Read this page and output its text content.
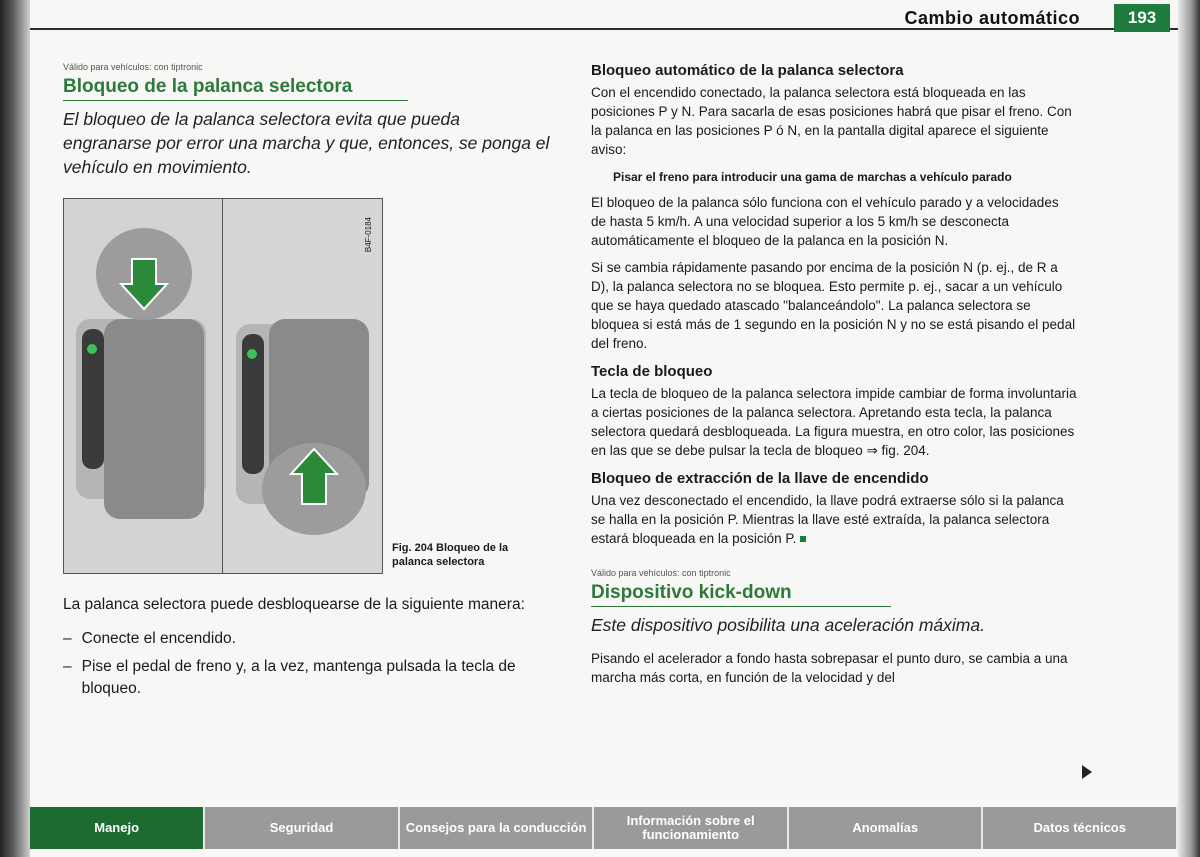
Cambio automático	193
Válido para vehículos: con tiptronic
Bloqueo de la palanca selectora
El bloqueo de la palanca selectora evita que pueda engranarse por error una marcha y que, entonces, se ponga el vehículo en movimiento.
B4F-0184
Fig. 204 Bloqueo de la palanca selectora
La palanca selectora puede desbloquearse de la siguiente manera:
– Conecte el encendido.
– Pise el pedal de freno y, a la vez, mantenga pulsada la tecla de bloqueo.
Bloqueo automático de la palanca selectora
Con el encendido conectado, la palanca selectora está bloqueada en las posiciones P y N. Para sacarla de esas posiciones habrá que pisar el freno. Con la palanca en las posiciones P ó N, en la pantalla digital aparece el siguiente aviso:
Pisar el freno para introducir una gama de marchas a vehículo parado
El bloqueo de la palanca sólo funciona con el vehículo parado y a velocidades de hasta 5 km/h. A una velocidad superior a los 5 km/h se desconecta automáticamente el bloqueo de la palanca en la posición N.
Si se cambia rápidamente pasando por encima de la posición N (p. ej., de R a D), la palanca selectora no se bloquea. Esto permite p. ej., sacar a un vehículo que se haya quedado atascado "balanceándolo". La palanca selectora se bloquea si está más de 1 segundo en la posición N y no se está pisando el pedal del freno.
Tecla de bloqueo
La tecla de bloqueo de la palanca selectora impide cambiar de forma involuntaria a ciertas posiciones de la palanca selectora. Apretando esta tecla, la palanca selectora quedará desbloqueada. La figura muestra, en otro color, las posiciones en las que se debe pulsar la tecla de bloqueo ⇒ fig. 204.
Bloqueo de extracción de la llave de encendido
Una vez desconectado el encendido, la llave podrá extraerse sólo si la palanca se halla en la posición P. Mientras la llave esté extraída, la palanca selectora estará bloqueada en la posición P.
Válido para vehículos: con tiptronic
Dispositivo kick-down
Este dispositivo posibilita una aceleración máxima.
Pisando el acelerador a fondo hasta sobrepasar el punto duro, se cambia a una marcha más corta, en función de la velocidad y del
Manejo	Seguridad	Consejos para la conducción	Información sobre el funcionamiento	Anomalías	Datos técnicos
